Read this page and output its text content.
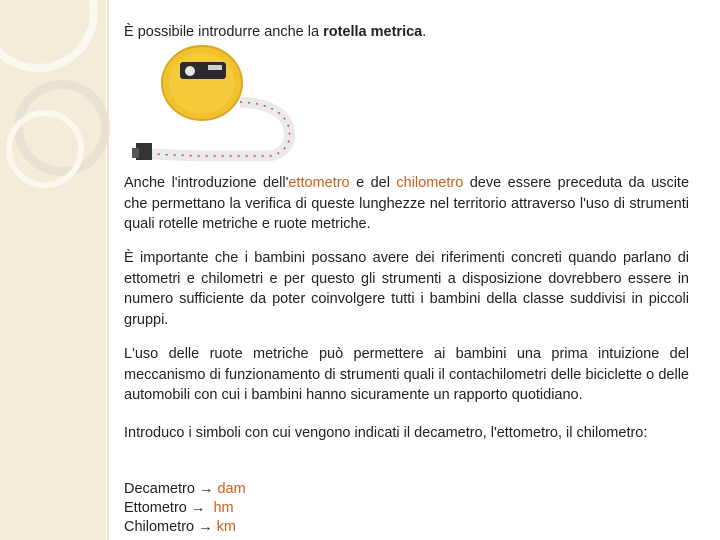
È possibile introdurre anche la rotella metrica.
Anche l'introduzione dell'ettometro e del chilometro deve essere preceduta da uscite che permettano la verifica di queste lunghezze nel territorio attraverso l'uso di strumenti quali rotelle metriche e ruote metriche.
È importante che i bambini possano avere dei riferimenti concreti quando parlano di ettometri e chilometri e per questo gli strumenti a disposizione dovrebbero essere in numero sufficiente da poter coinvolgere tutti i bambini della classe suddivisi in piccoli gruppi.
L'uso delle ruote metriche può permettere ai bambini una prima intuizione del meccanismo di funzionamento di strumenti quali il contachilometri delle biciclette o delle automobili con cui i bambini hanno sicuramente un rapporto quotidiano.
Introduco i simboli con cui vengono indicati il decametro, l'ettometro, il chilometro:
Decametro → dam
Ettometro → hm
Chilometro → km
